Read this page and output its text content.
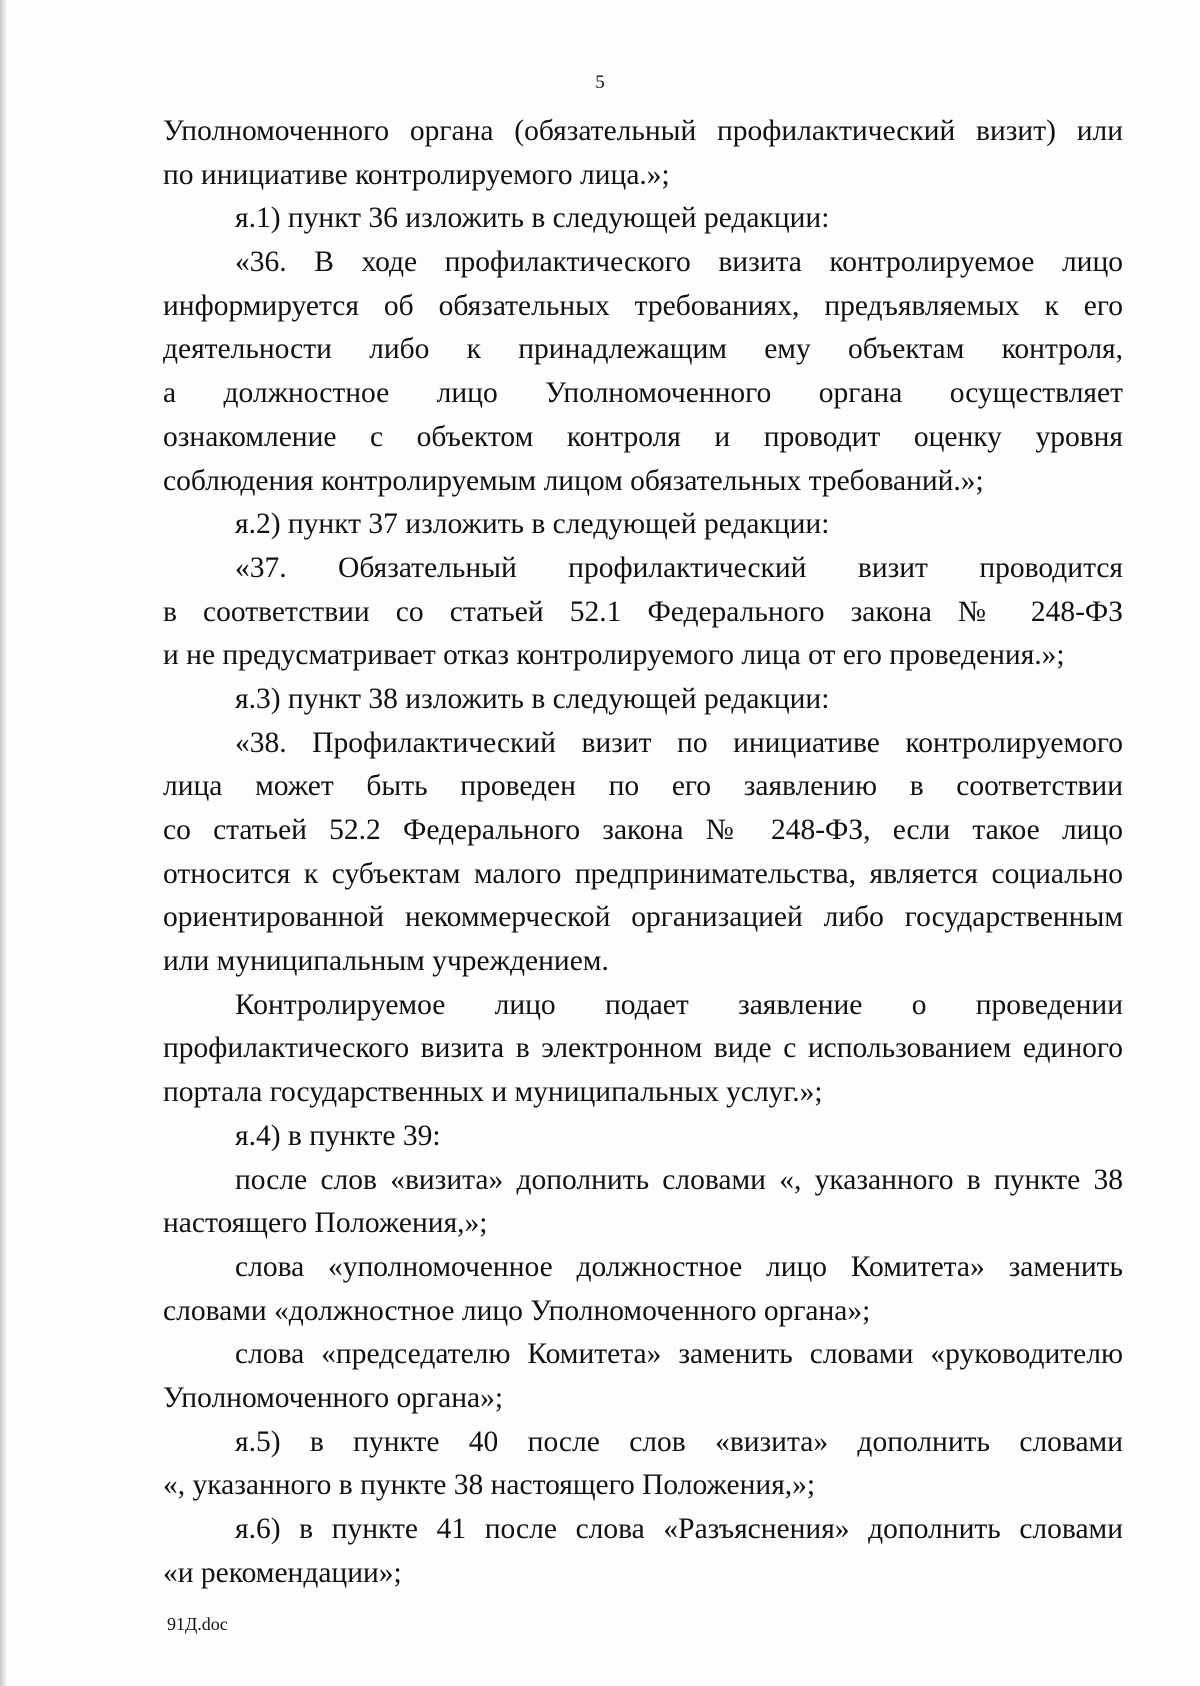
5
Уполномоченного органа (обязательный профилактический визит) или
по инициативе контролируемого лица.»;
я.1) пункт 36 изложить в следующей редакции:
«36. В ходе профилактического визита контролируемое лицо
информируется об обязательных требованиях, предъявляемых к его
деятельности либо к принадлежащим ему объектам контроля,
а должностное лицо Уполномоченного органа осуществляет
ознакомление с объектом контроля и проводит оценку уровня
соблюдения контролируемым лицом обязательных требований.»;
я.2) пункт 37 изложить в следующей редакции:
«37. Обязательный профилактический визит проводится
в соответствии со статьей 52.1 Федерального закона № 248-ФЗ
и не предусматривает отказ контролируемого лица от его проведения.»;
я.3) пункт 38 изложить в следующей редакции:
«38. Профилактический визит по инициативе контролируемого
лица может быть проведен по его заявлению в соответствии
со статьей 52.2 Федерального закона № 248-ФЗ, если такое лицо
относится к субъектам малого предпринимательства, является социально
ориентированной некоммерческой организацией либо государственным
или муниципальным учреждением.
Контролируемое лицо подает заявление о проведении
профилактического визита в электронном виде с использованием единого
портала государственных и муниципальных услуг.»;
я.4) в пункте 39:
после слов «визита» дополнить словами «, указанного в пункте 38
настоящего Положения,»;
слова «уполномоченное должностное лицо Комитета» заменить
словами «должностное лицо Уполномоченного органа»;
слова «председателю Комитета» заменить словами «руководителю
Уполномоченного органа»;
я.5) в пункте 40 после слов «визита» дополнить словами
«, указанного в пункте 38 настоящего Положения,»;
я.6) в пункте 41 после слова «Разъяснения» дополнить словами
«и рекомендации»;
91Д.doc
